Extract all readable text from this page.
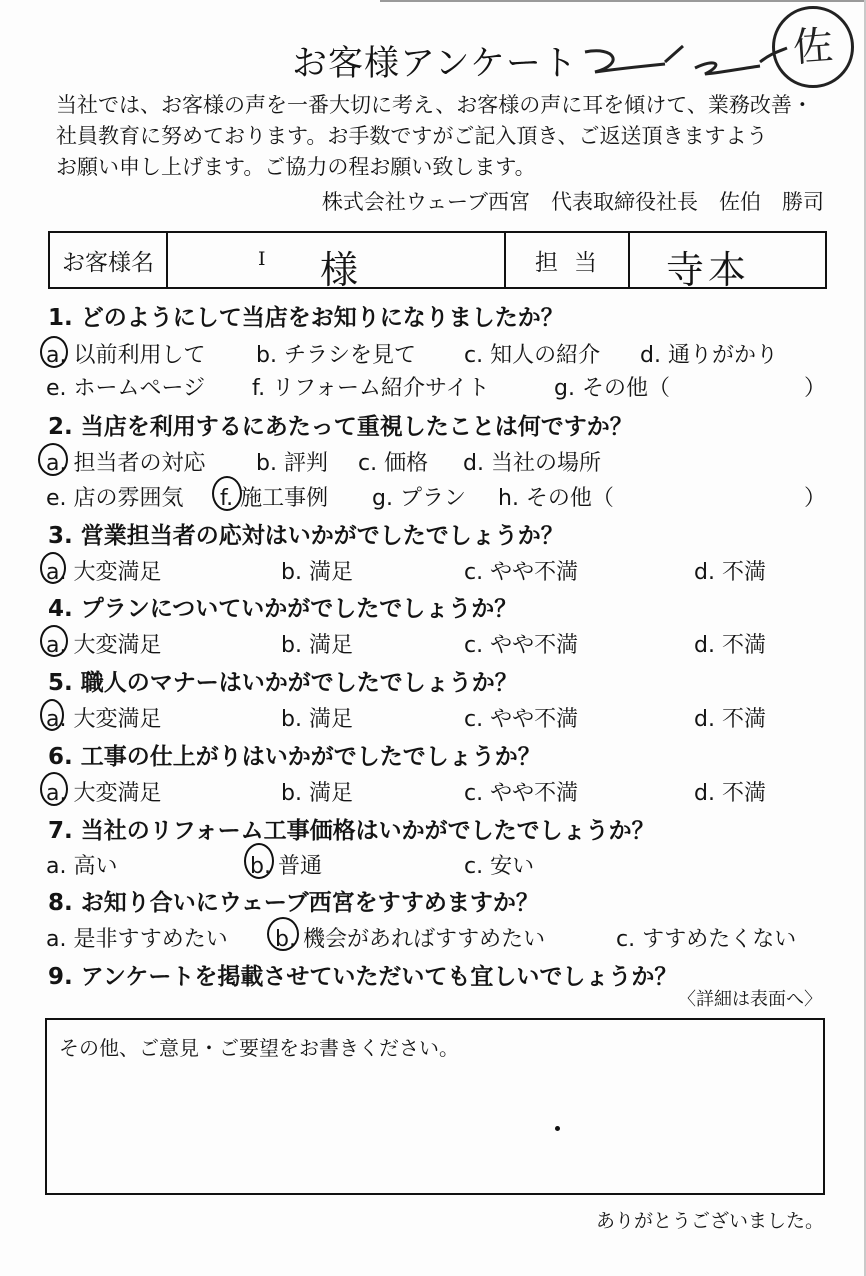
お客様アンケート	佐

当社では、お客様の声を一番大切に考え、お客様の声に耳を傾けて、業務改善・

社員教育に努めております。お手数ですがご記入頂き、ご返送頂きますよう

お願い申し上げます。ご協力の程お願い致します。

株式会社ウェーブ西宮　代表取締役社長　佐伯　勝司
お客様名	I 様	担当	寺本
1. どのようにして当店をお知りになりましたか？
a. 以前利用して b. チラシを見て c. 知人の紹介 d. 通りがかり
e. ホームページ f. リフォーム紹介サイト	g. その他（	）
2. 当店を利用するにあたって重視したことは何ですか？
a. 担当者の対応 b. 評判 c. 価格 d. 当社の場所
e. 店の雰囲気 f. 施工事例 g. プラン h. その他（	）
3. 営業担当者の応対はいかがでしたでしょうか？
a. 大変満足	b. 満足	c. やや不満	d. 不満
4. プランについていかがでしたでしょうか？
a. 大変満足	b. 満足	c. やや不満	d. 不満
5. 職人のマナーはいかがでしたでしょうか？
a. 大変満足	b. 満足	c. やや不満	d. 不満
6. 工事の仕上がりはいかがでしたでしょうか？
a. 大変満足	b. 満足	c. やや不満	d. 不満
7. 当社のリフォーム工事価格はいかがでしたでしょうか？
a. 高い	b. 普通	c. 安い
8. お知り合いにウェーブ西宮をすすめますか？
a. 是非すすめたい b. 機会があればすすめたい	c. すすめたくない
9. アンケートを掲載させていただいても宜しいでしょうか？
〈詳細は表面へ〉
その他、ご意見・ご要望をお書きください。
ありがとうございました。
